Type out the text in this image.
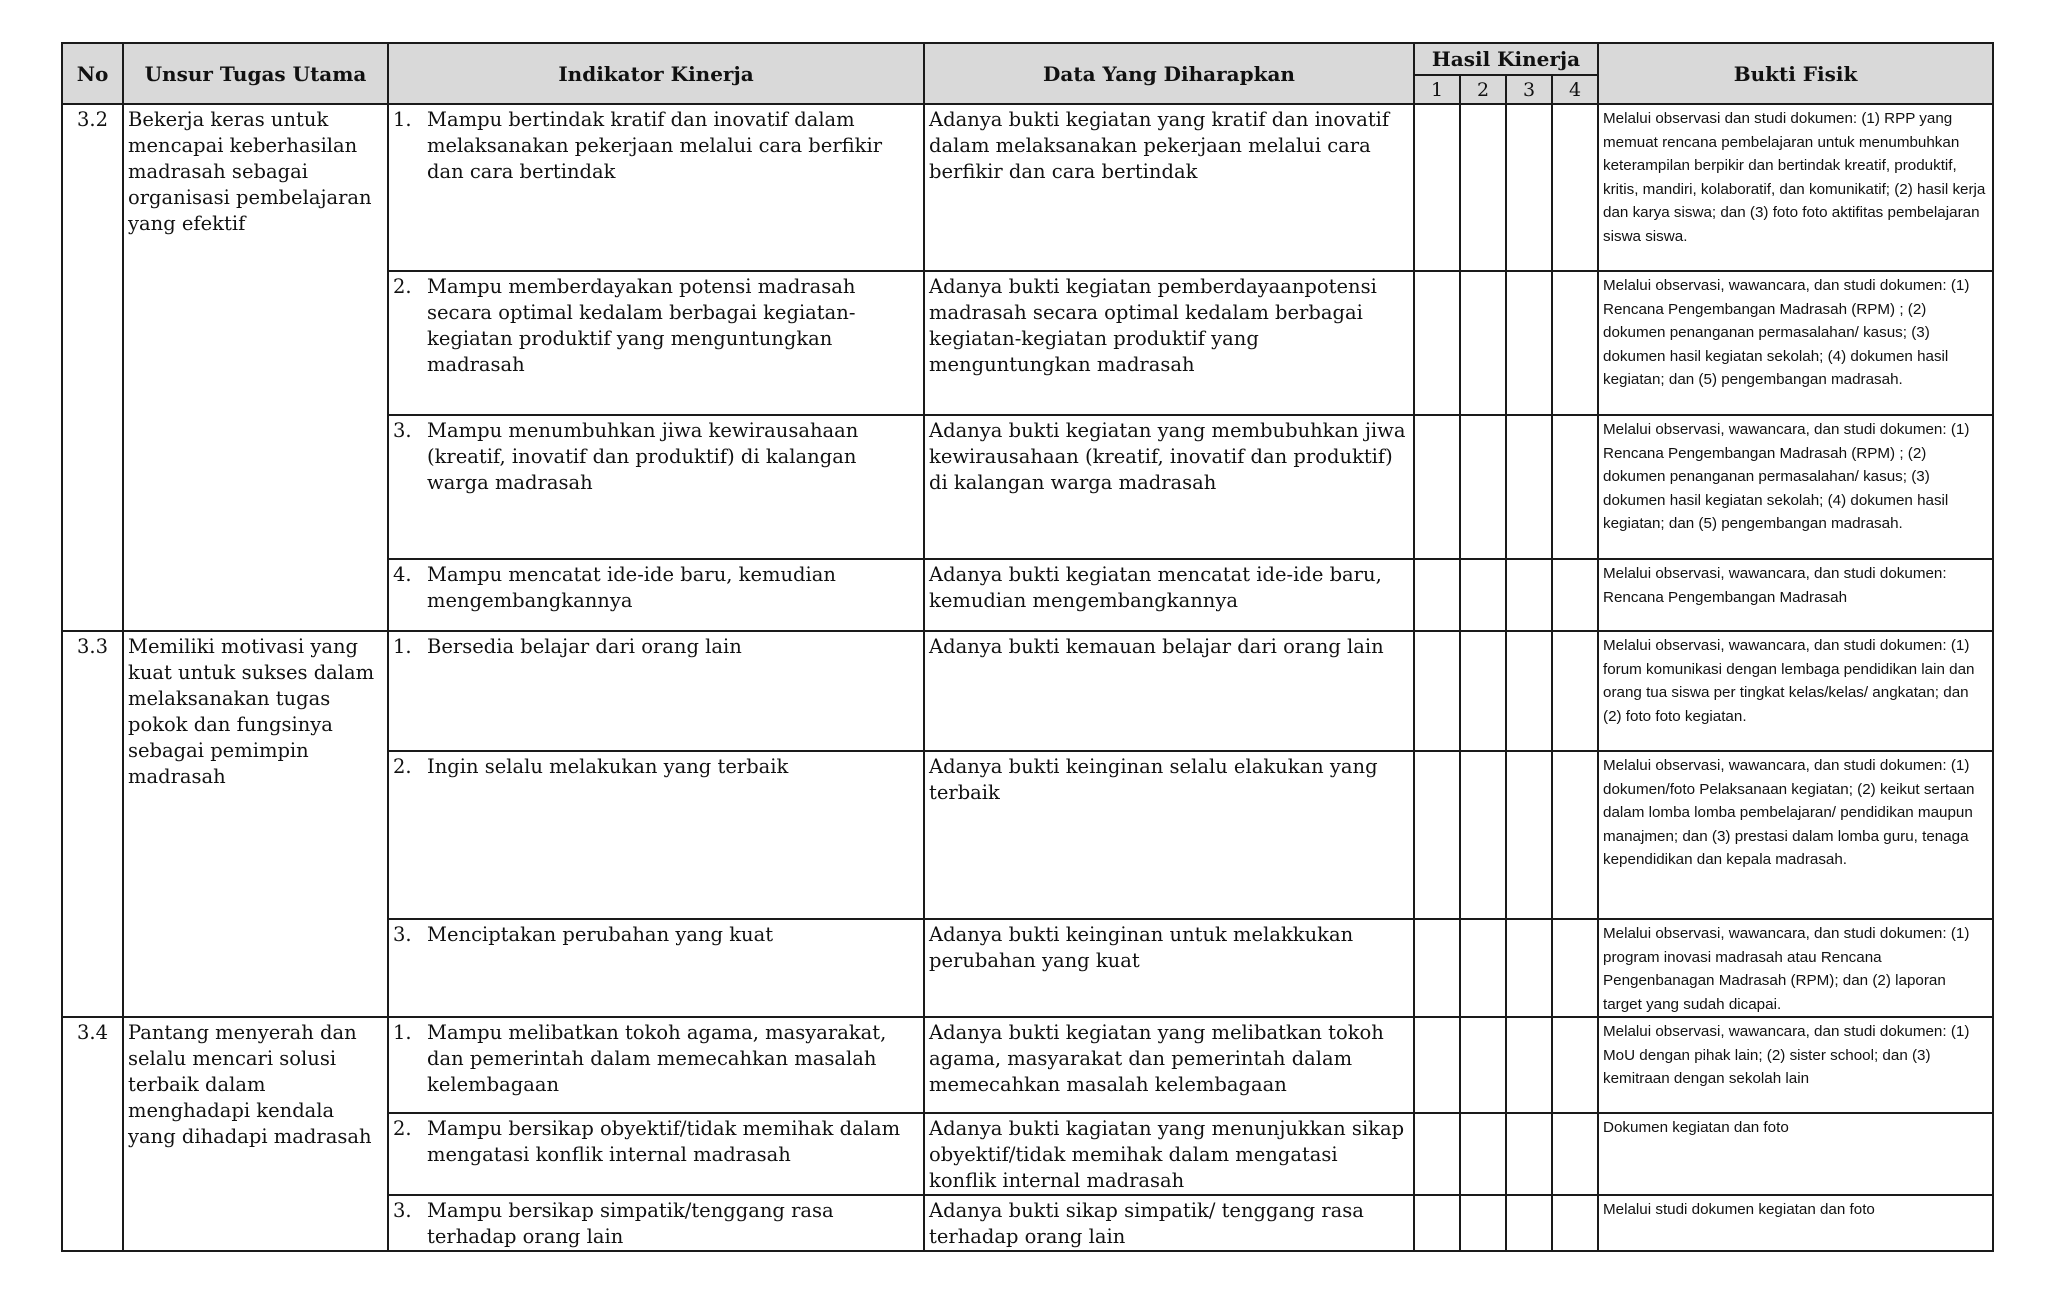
No	Unsur Tugas Utama	Indikator Kinerja	Data Yang Diharapkan	Hasil Kinerja				Bukti Fisik
				1	2	3	4	
3.2	Bekerja keras untuk mencapai keberhasilan madrasah sebagai organisasi pembelajaran yang efektif	1. Mampu bertindak kratif dan inovatif dalam melaksanakan pekerjaan melalui cara berfikir dan cara bertindak	Adanya bukti kegiatan yang kratif dan inovatif dalam melaksanakan pekerjaan melalui cara berfikir dan cara bertindak					Melalui observasi dan studi dokumen: (1) RPP yang memuat rencana pembelajaran untuk menumbuhkan keterampilan berpikir dan bertindak kreatif, produktif, kritis, mandiri, kolaboratif, dan komunikatif; (2) hasil kerja dan karya siswa; dan (3) foto foto aktifitas pembelajaran siswa siswa.

		2. Mampu memberdayakan potensi madrasah secara optimal kedalam berbagai kegiatan-kegiatan produktif yang menguntungkan madrasah	Adanya bukti kegiatan pemberdayaanpotensi madrasah secara optimal kedalam berbagai kegiatan-kegiatan produktif yang menguntungkan madrasah					Melalui observasi, wawancara, dan studi dokumen: (1) Rencana Pengembangan Madrasah (RPM) ; (2) dokumen penanganan permasalahan/ kasus; (3) dokumen hasil kegiatan sekolah; (4) dokumen hasil kegiatan; dan (5) pengembangan madrasah.

		3. Mampu menumbuhkan jiwa kewirausahaan (kreatif, inovatif dan produktif) di kalangan warga madrasah	Adanya bukti kegiatan yang membubuhkan jiwa kewirausahaan (kreatif, inovatif dan produktif) di kalangan warga madrasah					Melalui observasi, wawancara, dan studi dokumen: (1) Rencana Pengembangan Madrasah (RPM) ; (2) dokumen penanganan permasalahan/ kasus; (3) dokumen hasil kegiatan sekolah; (4) dokumen hasil kegiatan; dan (5) pengembangan madrasah.

		4. Mampu mencatat ide-ide baru, kemudian mengembangkannya	Adanya bukti kegiatan mencatat ide-ide baru, kemudian mengembangkannya					Melalui observasi, wawancara, dan studi dokumen: Rencana Pengembangan Madrasah
3.3	Memiliki motivasi yang kuat untuk sukses dalam melaksanakan tugas pokok dan fungsinya sebagai pemimpin madrasah	1. Bersedia belajar dari orang lain	Adanya bukti kemauan belajar dari orang lain					Melalui observasi, wawancara, dan studi dokumen: (1) forum komunikasi dengan lembaga pendidikan lain dan orang tua siswa per tingkat kelas/kelas/ angkatan; dan (2) foto foto kegiatan.

		2. Ingin selalu melakukan yang terbaik	Adanya bukti keinginan selalu elakukan yang terbaik					Melalui observasi, wawancara, dan studi dokumen: (1) dokumen/foto Pelaksanaan kegiatan; (2) keikut sertaan dalam lomba lomba pembelajaran/ pendidikan maupun manajmen; dan (3) prestasi dalam lomba guru, tenaga kependidikan dan kepala madrasah.

		3. Menciptakan perubahan yang kuat	Adanya bukti keinginan untuk melakkukan perubahan yang kuat					Melalui observasi, wawancara, dan studi dokumen: (1) program inovasi madrasah atau Rencana Pengenbanagan Madrasah (RPM); dan (2) laporan target yang sudah dicapai.
3.4	Pantang menyerah dan selalu mencari solusi terbaik dalam menghadapi kendala yang dihadapi madrasah	1. Mampu melibatkan tokoh agama, masyarakat, dan pemerintah dalam memecahkan masalah kelembagaan	Adanya bukti kegiatan yang melibatkan tokoh agama, masyarakat dan pemerintah dalam memecahkan masalah kelembagaan					Melalui observasi, wawancara, dan studi dokumen: (1) MoU dengan pihak lain; (2) sister school; dan (3) kemitraan dengan sekolah lain

		2. Mampu bersikap obyektif/tidak memihak dalam mengatasi konflik internal madrasah	Adanya bukti kagiatan yang menunjukkan sikap obyektif/tidak memihak dalam mengatasi konflik internal madrasah					Dokumen kegiatan dan foto

		3. Mampu bersikap simpatik/tenggang rasa terhadap orang lain	Adanya bukti sikap simpatik/ tenggang rasa terhadap orang lain					Melalui studi dokumen kegiatan dan foto
